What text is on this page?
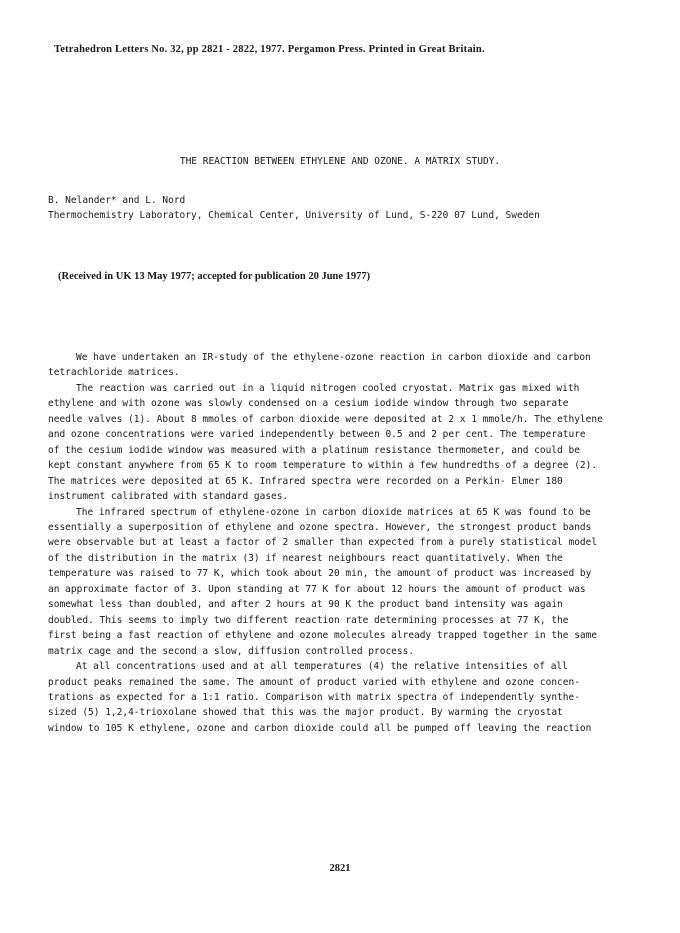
Tetrahedron Letters No. 32, pp 2821 - 2822, 1977. Pergamon Press. Printed in Great Britain.
THE REACTION BETWEEN ETHYLENE AND OZONE. A MATRIX STUDY.
B. Nelander* and L. Nord
Thermochemistry Laboratory, Chemical Center, University of Lund, S-220 07 Lund, Sweden
(Received in UK 13 May 1977; accepted for publication 20 June 1977)
We have undertaken an IR-study of the ethylene-ozone reaction in carbon dioxide and carbon
tetrachloride matrices.
The reaction was carried out in a liquid nitrogen cooled cryostat. Matrix gas mixed with
ethylene and with ozone was slowly condensed on a cesium iodide window through two separate
needle valves (1). About 8 mmoles of carbon dioxide were deposited at 2 x 1 mmole/h. The ethylene
and ozone concentrations were varied independently between 0.5 and 2 per cent. The temperature
of the cesium iodide window was measured with a platinum resistance thermometer, and could be
kept constant anywhere from 65 K to room temperature to within a few hundredths of a degree (2).
The matrices were deposited at 65 K. Infrared spectra were recorded on a Perkin- Elmer 180
instrument calibrated with standard gases.
The infrared spectrum of ethylene-ozone in carbon dioxide matrices at 65 K was found to be
essentially a superposition of ethylene and ozone spectra. However, the strongest product bands
were observable but at least a factor of 2 smaller than expected from a purely statistical model
of the distribution in the matrix (3) if nearest neighbours react quantitatively. When the
temperature was raised to 77 K, which took about 20 min, the amount of product was increased by
an approximate factor of 3. Upon standing at 77 K for about 12 hours the amount of product was
somewhat less than doubled, and after 2 hours at 90 K the product band intensity was again
doubled. This seems to imply two different reaction rate determining processes at 77 K, the
first being a fast reaction of ethylene and ozone molecules already trapped together in the same
matrix cage and the second a slow, diffusion controlled process.
At all concentrations used and at all temperatures (4) the relative intensities of all
product peaks remained the same. The amount of product varied with ethylene and ozone concen-
trations as expected for a 1:1 ratio. Comparison with matrix spectra of independently synthe-
sized (5) 1,2,4-trioxolane showed that this was the major product. By warming the cryostat
window to 105 K ethylene, ozone and carbon dioxide could all be pumped off leaving the reaction
2821
